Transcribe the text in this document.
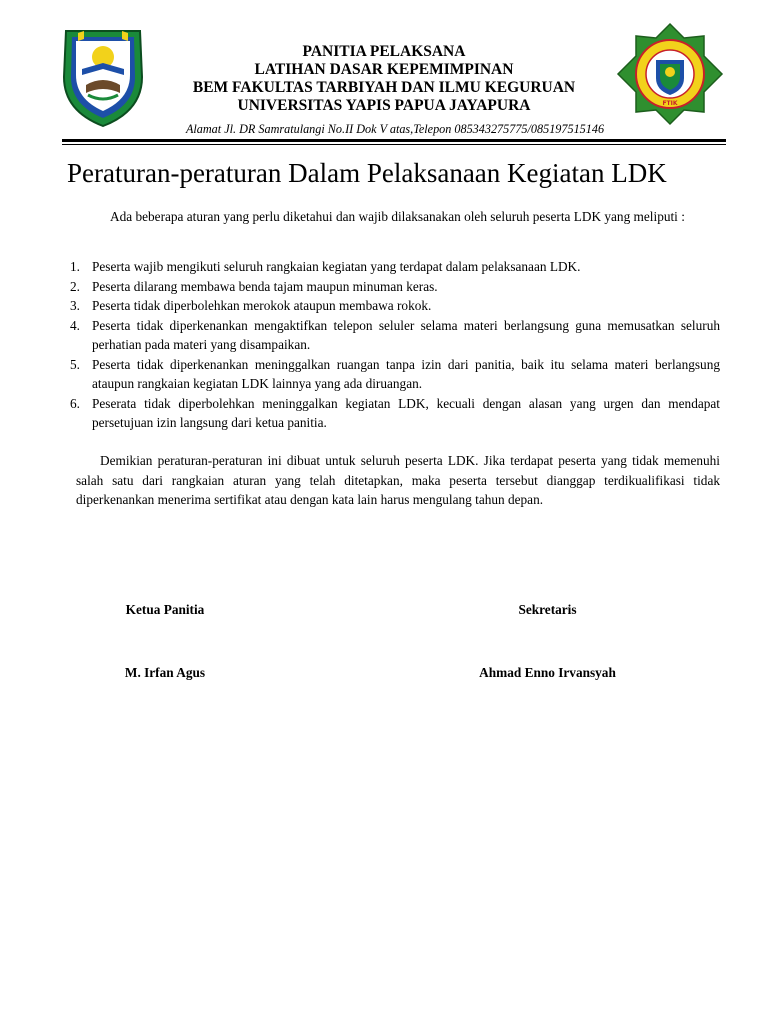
PANITIA PELAKSANA
LATIHAN DASAR KEPEMIMPINAN
BEM FAKULTAS TARBIYAH DAN ILMU KEGURUAN
UNIVERSITAS YAPIS PAPUA JAYAPURA
Alamat Jl. DR Samratulangi No.II Dok V atas,Telepon 085343275775/085197515146
FTIK
Peraturan-peraturan Dalam Pelaksanaan Kegiatan LDK
Ada beberapa aturan yang perlu diketahui dan wajib dilaksanakan oleh seluruh peserta LDK yang meliputi :
1. Peserta wajib mengikuti seluruh rangkaian kegiatan yang terdapat dalam pelaksanaan LDK.
2. Peserta dilarang membawa benda tajam maupun minuman keras.
3. Peserta tidak diperbolehkan merokok ataupun membawa rokok.
4. Peserta tidak diperkenankan mengaktifkan telepon seluler selama materi berlangsung guna memusatkan seluruh perhatian pada materi yang disampaikan.
5. Peserta tidak diperkenankan meninggalkan ruangan tanpa izin dari panitia, baik itu selama materi berlangsung ataupun rangkaian kegiatan LDK lainnya yang ada diruangan.
6. Peserata tidak diperbolehkan meninggalkan kegiatan LDK, kecuali dengan alasan yang urgen dan mendapat persetujuan izin langsung dari ketua panitia.
Demikian peraturan-peraturan ini dibuat untuk seluruh peserta LDK. Jika terdapat peserta yang tidak memenuhi salah satu dari rangkaian aturan yang telah ditetapkan, maka peserta tersebut dianggap terdikualifikasi tidak diperkenankan menerima sertifikat atau dengan kata lain harus mengulang tahun depan.
Ketua Panitia	Sekretaris
M. Irfan Agus	Ahmad Enno Irvansyah
